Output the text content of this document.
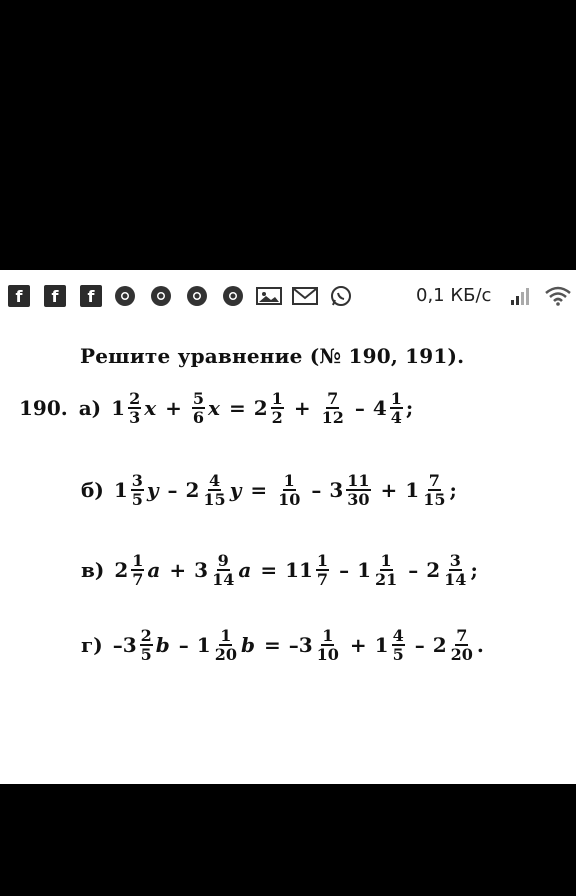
f	f	f	0,1 КБ/с
Решите уравнение (№ 190, 191).
190. а) $1 \frac{2}{3}$ $x + \frac{5}{6}$ $x = 2 \frac{1}{2} + \frac{7}{12} - 4 \frac{1}{4}$ ;
б) $1 \frac{3}{5}$ y – $2 \frac{4}{15}$ $y = \frac{1}{10} - 3 \frac{11}{30} + 1 \frac{7}{15}$ ;
в) $2 \frac{1}{7}$ $a + 3 \frac{9}{14}$ $a = 11 \frac{1}{7} - 1 \frac{1}{21} - 2 \frac{3}{14}$ ;
г) $-3 \frac{2}{5}$ b – $1 \frac{1}{20}$ $b = -3 \frac{1}{10} + 1 \frac{4}{5} - 2 \frac{7}{20}$ .
